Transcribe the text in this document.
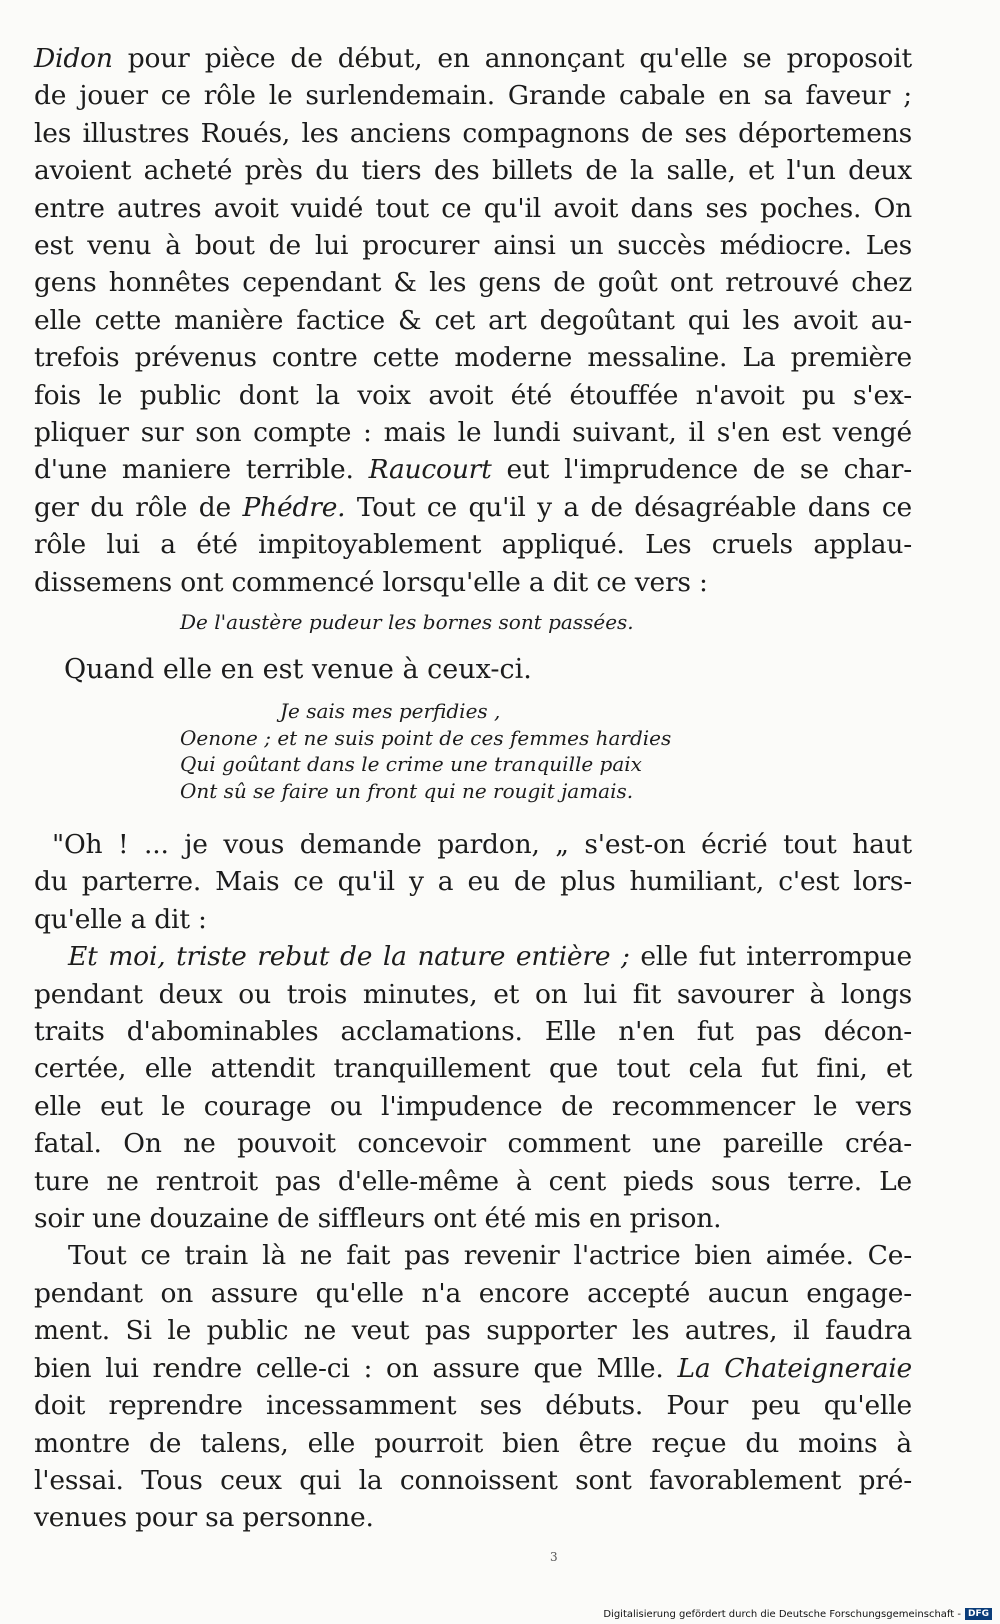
Didon pour pièce de début, en annonçant qu'elle se proposoit
de jouer ce rôle le surlendemain. Grande cabale en sa faveur ;
les illustres Roués, les anciens compagnons de ses déportemens
avoient acheté près du tiers des billets de la salle, et l'un deux
entre autres avoit vuidé tout ce qu'il avoit dans ses poches. On
est venu à bout de lui procurer ainsi un succès médiocre. Les
gens honnêtes cependant & les gens de goût ont retrouvé chez
elle cette manière factice & cet art degoûtant qui les avoit au-
trefois prévenus contre cette moderne messaline. La première
fois le public dont la voix avoit été étouffée n'avoit pu s'ex-
pliquer sur son compte : mais le lundi suivant, il s'en est vengé
d'une maniere terrible. Raucourt eut l'imprudence de se char-
ger du rôle de Phédre. Tout ce qu'il y a de désagréable dans ce
rôle lui a été impitoyablement appliqué. Les cruels applau-
dissemens ont commencé lorsqu'elle a dit ce vers :

De l'austère pudeur les bornes sont passées.
Quand elle en est venue à ceux-ci.
Je sais mes perfidies ,
Oenone ; et ne suis point de ces femmes hardies
Qui goûtant dans le crime une tranquille paix
Ont sû se faire un front qui ne rougit jamais.

"Oh ! ... je vous demande pardon, „ s'est-on écrié tout haut
du parterre. Mais ce qu'il y a eu de plus humiliant, c'est lors-
qu'elle a dit :
Et moi, triste rebut de la nature entière ; elle fut interrompue
pendant deux ou trois minutes, et on lui fit savourer à longs
traits d'abominables acclamations. Elle n'en fut pas décon-
certée, elle attendit tranquillement que tout cela fut fini, et
elle eut le courage ou l'impudence de recommencer le vers
fatal. On ne pouvoit concevoir comment une pareille créa-
ture ne rentroit pas d'elle-même à cent pieds sous terre. Le
soir une douzaine de siffleurs ont été mis en prison.
Tout ce train là ne fait pas revenir l'actrice bien aimée. Ce-
pendant on assure qu'elle n'a encore accepté aucun engage-
ment. Si le public ne veut pas supporter les autres, il faudra
bien lui rendre celle-ci : on assure que Mlle. La Chateigneraie
doit reprendre incessamment ses débuts. Pour peu qu'elle
montre de talens, elle pourroit bien être reçue du moins à
l'essai. Tous ceux qui la connoissent sont favorablement pré-
venues pour sa personne.

3
Digitalisierung gefördert durch die Deutsche Forschungsgemeinschaft - DFG
